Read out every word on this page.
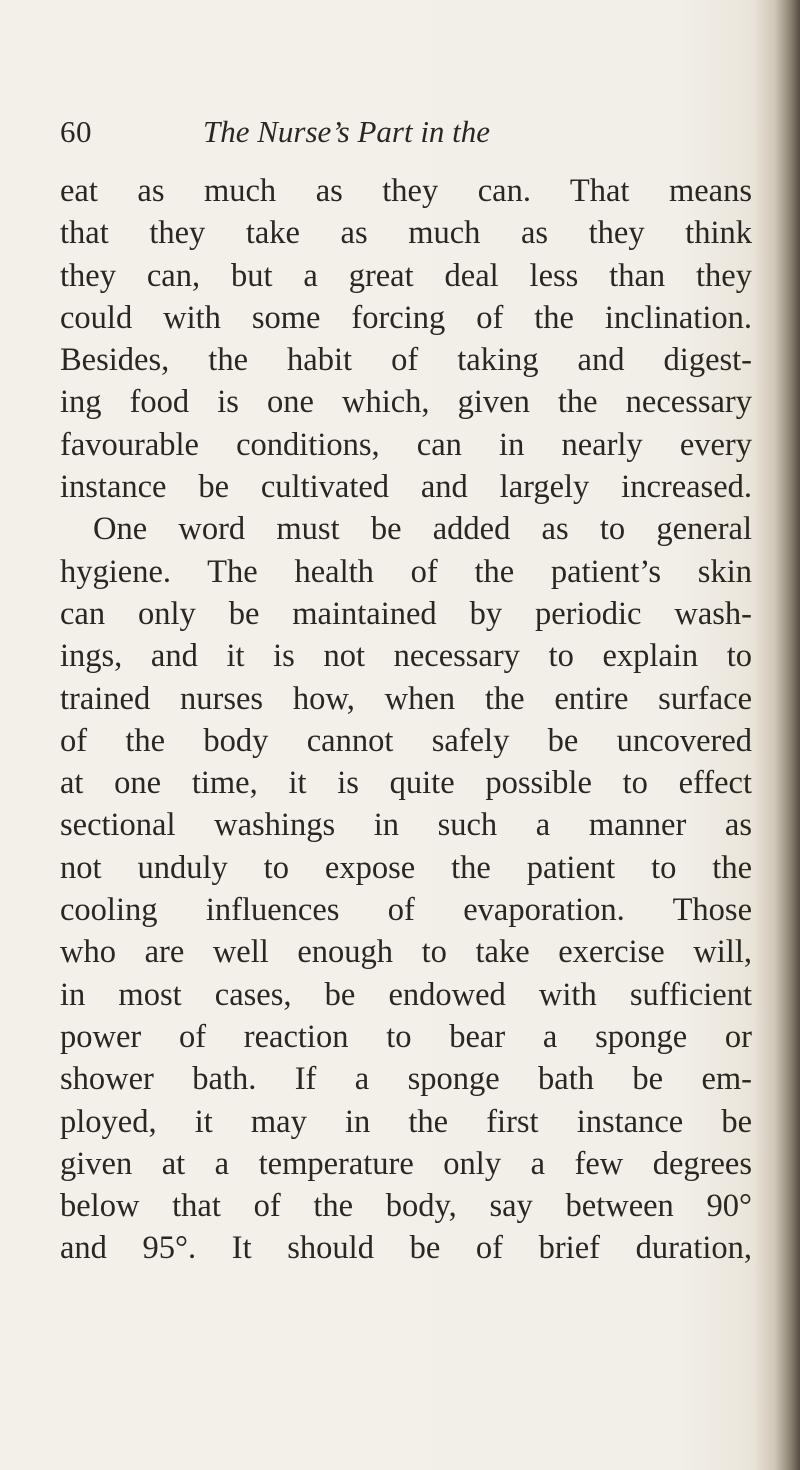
60	The Nurse’s Part in the
eat as much as they can. That means
that they take as much as they think
they can, but a great deal less than they
could with some forcing of the inclination.
Besides, the habit of taking and digest-
ing food is one which, given the necessary
favourable conditions, can in nearly every
instance be cultivated and largely increased.
One word must be added as to general
hygiene. The health of the patient’s skin
can only be maintained by periodic wash-
ings, and it is not necessary to explain to
trained nurses how, when the entire surface
of the body cannot safely be uncovered
at one time, it is quite possible to effect
sectional washings in such a manner as
not unduly to expose the patient to the
cooling influences of evaporation. Those
who are well enough to take exercise will,
in most cases, be endowed with sufficient
power of reaction to bear a sponge or
shower bath. If a sponge bath be em-
ployed, it may in the first instance be
given at a temperature only a few degrees
below that of the body, say between 90°
and 95°. It should be of brief duration,
